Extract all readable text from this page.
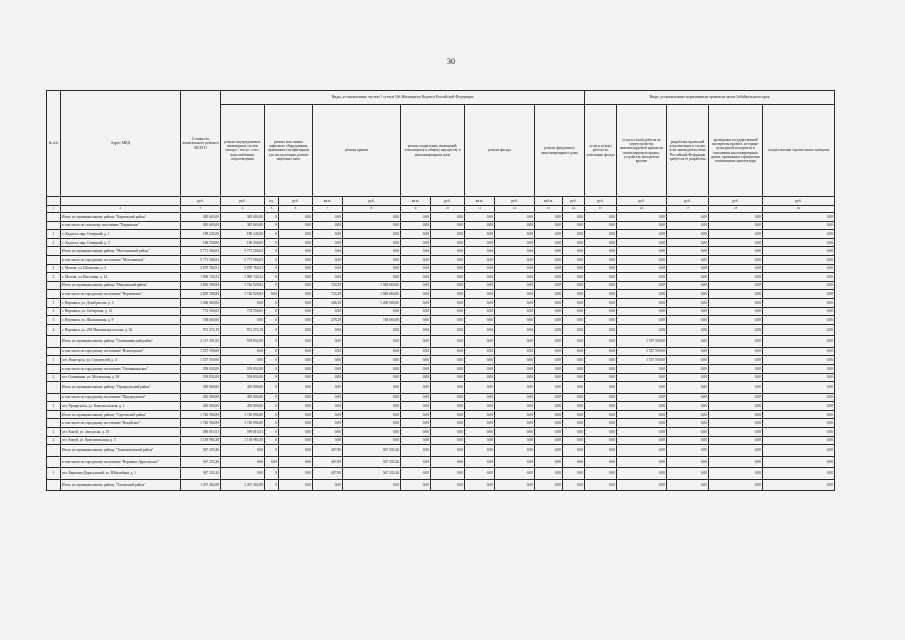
30
№ п/п	Адрес МКД	Стоимость капитального ремонта ВСЕГО	Виды, установленные частью 1 статьи 166 Жилищного Кодекса Российской Федерации											Виды, установленные нормативным правовым актом Забайкальского края				
			ремонт внутридомовых инженерных систем электро-, тепло-, газо-, водоснабжения, водоотведения	ремонт или замена лифтового оборудования, признанного непригодным для эксплуатации, ремонт лифтовых шахт		ремонт крыши		ремонт подвальных помещений, относящихся к общему имуществу в многоквартирном доме		ремонт фасада		ремонт фундамента многоквартирного дома		услуги и (или) работы по утеплению фасада	услуги и (или) работы по переустройству невентилируемой крыши на вентилируемую крышу, устройству выходов на кровлю	разработка проектной документации в случае, если законодательством Российской Федерации требуется ее разработка	проведение государственной экспертизы проекта, историко-культурной экспертизы в отношении многоквартирных домов, признанных официально памятниками архитектуры	осуществление строительного контроля
		руб.	руб.	ед.	руб.	кв.м.	руб.	кв.м.	руб.	кв.м.	руб.	куб.м.	руб.	руб.	руб.	руб.	руб.	руб.
1	2	3	4	5	6	7	8	9	10	11	12	13	14	15	16	17	18	19
	Итого по муниципальному району "Карымский район"	385 603,00	385 603,00	0	0,00	0,00	0,00	0,00	0,00	0,00	0,00	0,00	0,00	0,00	0,00	0,00	0,00	0,00
	в том числе по сельскому поселению "Карымское"	385 603,00	385 603,00	0	0,00	0,00	0,00	0,00	0,00	0,00	0,00	0,00	0,00	0,00	0,00	0,00	0,00	0,00
1	с. Кадахта, мкр. Северный, д. 1	189 245,00	189 245,00	0	0,00	0,00	0,00	0,00	0,00	0,00	0,00	0,00	0,00	0,00	0,00	0,00	0,00	0,00
2	с. Кадахта, мкр. Северный, д. 3	196 358,00	196 358,00	0	0,00	0,00	0,00	0,00	0,00	0,00	0,00	0,00	0,00	0,00	0,00	0,00	0,00	0,00
	Итого по муниципальному району "Могочинский район"	5 771 504,03	5 771 504,03	0	0,00	0,00	0,00	0,00	0,00	0,00	0,00	0,00	0,00	0,00	0,00	0,00	0,00	0,00
	в том числе по городскому поселению "Могочинское"	5 771 504,03	5 771 504,03	0	0,00	0,00	0,00	0,00	0,00	0,00	0,00	0,00	0,00	0,00	0,00	0,00	0,00	0,00
1	г. Могоча, ул. Шолохова, д. 3	3 870 760,51	3 870 760,51	0	0,00	0,00	0,00	0,00	0,00	0,00	0,00	0,00	0,00	0,00	0,00	0,00	0,00	0,00
2	г. Могоча, ул. Высотная, д. 14	1 900 743,52	1 900 743,52	0	0,00	0,00	0,00	0,00	0,00	0,00	0,00	0,00	0,00	0,00	0,00	0,00	0,00	0,00
	Итого по муниципальному району "Нерчинский район"	3 695 588,84	1 746 928,84	0	0,00	724,39	1 948 660,00	0,00	0,00	0,00	0,00	0,00	0,00	0,00	0,00	0,00	0,00	0,00
	в том числе по городскому поселению "Нерчинское"	3 695 588,84	1 746 928,84	0,00	0,00	724,39	1 948 660,00	0,00	0,00	0,00	0,00	0,00	0,00	0,00	0,00	0,00	0,00	0,00
1	г. Нерчинск, ул. Декабристов, д. 3	1 200 000,00	0,00	0	0,00	446,10	1 200 000,00	0,00	0,00	0,00	0,00	0,00	0,00	0,00	0,00	0,00	0,00	0,00
2	г. Нерчинск, ул. Сибирская, д. 12	774 556,65	774 556,65	0	0,00	0,00	0,00	0,00	0,00	0,00	0,00	0,00	0,00	0,00	0,00	0,00	0,00	0,00
3	г. Нерчинск, ул. Шилкинская, д. 9	748 660,00	0,00	0	0,00	278,29	748 660,00	0,00	0,00	0,00	0,00	0,00	0,00	0,00	0,00	0,00	0,00	0,00
4	г. Нерчинск, ул. 294 Микиенского полка, д. 36	972 372,19	972 372,19	0	0,00	0,00	0,00	0,00	0,00	0,00	0,00	0,00	0,00	0,00	0,00	0,00	0,00	0,00
	Итого по муниципальному району "Оловяннинский район"	2 117 391,00	559 832,00	0	0,00	0,00	0,00	0,00	0,00	0,00	0,00	0,00	0,00	0,00	1 557 559,00	0,00	0,00	0,00
	в том числе по городскому поселению "Ясногорское"	1 557 559,00	0,00	0	0,00	0,00	0,00	0,00	0,00	0,00	0,00	0,00	0,00	0,00	1 557 559,00	0,00	0,00	0,00
1	пгт. Ясногорск, ул. Строителей, д. 4	1 557 559,00	0,00	0	0,00	0,00	0,00	0,00	0,00	0,00	0,00	0,00	0,00	0,00	1 557 559,00	0,00	0,00	0,00
	в том числе по городскому поселению "Оловяннинское"	559 832,00	559 832,00	0	0,00	0,00	0,00	0,00	0,00	0,00	0,00	0,00	0,00	0,00	0,00	0,00	0,00	0,00
2	пгт. Оловянная, ул. Московская, д. 38	559 832,00	559 832,00	0	0,00	0,00	0,00	0,00	0,00	0,00	0,00	0,00	0,00	0,00	0,00	0,00	0,00	0,00
	Итого по муниципальному району "Приаргунский район"	450 000,00	450 000,00	0	0,00	0,00	0,00	0,00	0,00	0,00	0,00	0,00	0,00	0,00	0,00	0,00	0,00	0,00
	в том числе по городскому поселению "Приаргунское"	450 000,00	450 000,00	0	0,00	0,00	0,00	0,00	0,00	0,00	0,00	0,00	0,00	0,00	0,00	0,00	0,00	0,00
1	пгт. Приаргунск, ул. Комсомольская, д. 1	450 000,00	450 000,00	0	0,00	0,00	0,00	0,00	0,00	0,00	0,00	0,00	0,00	0,00	0,00	0,00	0,00	0,00
	Итого по муниципальному району "Сретенский район"	1 720 994,89	1 720 994,89	0	0,00	0,00	0,00	0,00	0,00	0,00	0,00	0,00	0,00	0,00	0,00	0,00	0,00	0,00
	в том числе по городскому поселению "Кокуйское"	1 720 994,89	1 720 994,89	0	0,00	0,00	0,00	0,00	0,00	0,00	0,00	0,00	0,00	0,00	0,00	0,00	0,00	0,00
1	пгт. Кокуй, ул. Заводская, д. 18	590 010,51	590 010,51	0	0,00	0,00	0,00	0,00	0,00	0,00	0,00	0,00	0,00	0,00	0,00	0,00	0,00	0,00
2	пгт. Кокуй, ул. Комсомольская, д. 5	1 130 984,38	1 130 984,38	0	0,00	0,00	0,00	0,00	0,00	0,00	0,00	0,00	0,00	0,00	0,00	0,00	0,00	0,00
	Итого по муниципальному району "Тунгокоченский район"	567 335,26	0,00	0	0,00	407,80	567 335,26	0,00	0,00	0,00	0,00	0,00	0,00	0,00	0,00	0,00	0,00	0,00
	в том числе по городскому поселению "Вершино-Дарасунское"	567 335,26	0,00	0,00	0,00	407,80	567 335,26	0,00	0,00	0,00	0,00	0,00	0,00	0,00	0,00	0,00	0,00	0,00
1	пгт. Вершино-Дарасунский, ул. Юбилейная, д. 1	567 335,26	0,00	0	0,00	407,80	567 335,26	0,00	0,00	0,00	0,00	0,00	0,00	0,00	0,00	0,00	0,00	0,00
	Итого по муниципальному району "Хилокский район"	1 207 402,08	1 207 402,08	0	0,00	0,00	0,00	0,00	0,00	0,00	0,00	0,00	0,00	0,00	0,00	0,00	0,00	0,00
